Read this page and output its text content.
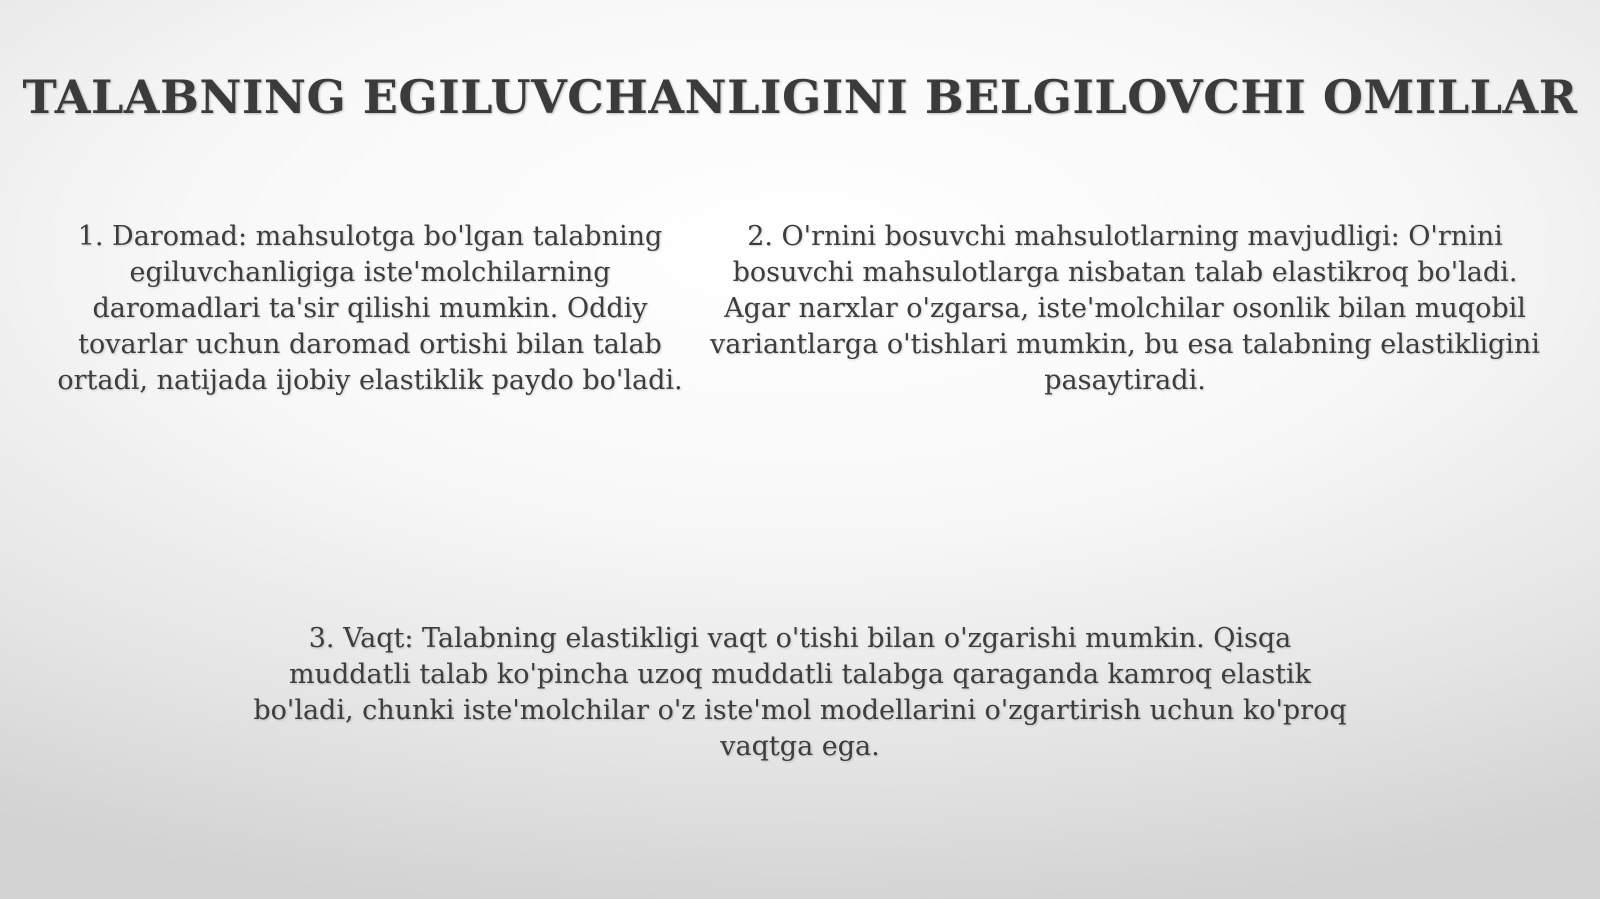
TALABNING EGILUVCHANLIGINI BELGILOVCHI OMILLAR
1. Daromad: mahsulotga bo'lgan talabning egiluvchanligiga iste'molchilarning daromadlari ta'sir qilishi mumkin. Oddiy tovarlar uchun daromad ortishi bilan talab ortadi, natijada ijobiy elastiklik paydo bo'ladi.
2. O'rnini bosuvchi mahsulotlarning mavjudligi: O'rnini bosuvchi mahsulotlarga nisbatan talab elastikroq bo'ladi. Agar narxlar o'zgarsa, iste'molchilar osonlik bilan muqobil variantlarga o'tishlari mumkin, bu esa talabning elastikligini pasaytiradi.
3. Vaqt: Talabning elastikligi vaqt o'tishi bilan o'zgarishi mumkin. Qisqa muddatli talab ko'pincha uzoq muddatli talabga qaraganda kamroq elastik bo'ladi, chunki iste'molchilar o'z iste'mol modellarini o'zgartirish uchun ko'proq vaqtga ega.
